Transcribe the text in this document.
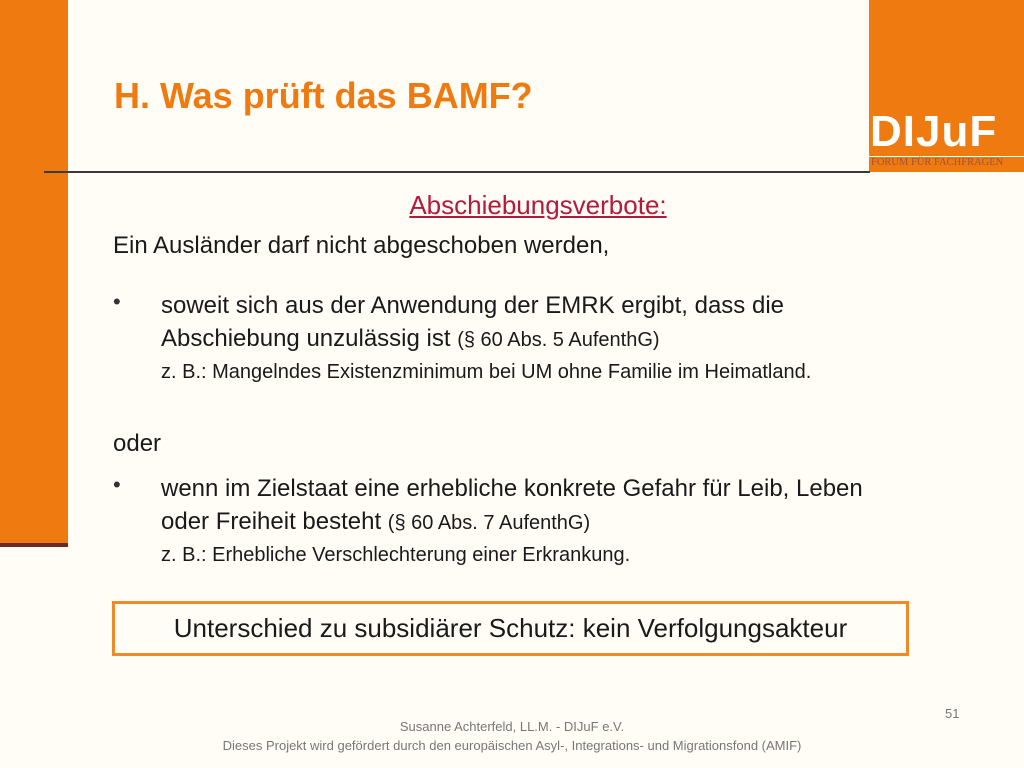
DIJuF
FORUM FÜR FACHFRAGEN
H. Was prüft das BAMF?
Abschiebungsverbote:
Ein Ausländer darf nicht abgeschoben werden,
• soweit sich aus der Anwendung der EMRK ergibt, dass die Abschiebung unzulässig ist (§ 60 Abs. 5 AufenthG)
z. B.: Mangelndes Existenzminimum bei UM ohne Familie im Heimatland.
oder
• wenn im Zielstaat eine erhebliche konkrete Gefahr für Leib, Leben oder Freiheit besteht (§ 60 Abs. 7 AufenthG)
z. B.: Erhebliche Verschlechterung einer Erkrankung.
Unterschied zu subsidiärer Schutz: kein Verfolgungsakteur
51
Susanne Achterfeld, LL.M. - DIJuF e.V.
Dieses Projekt wird gefördert durch den europäischen Asyl-, Integrations- und Migrationsfond (AMIF)
